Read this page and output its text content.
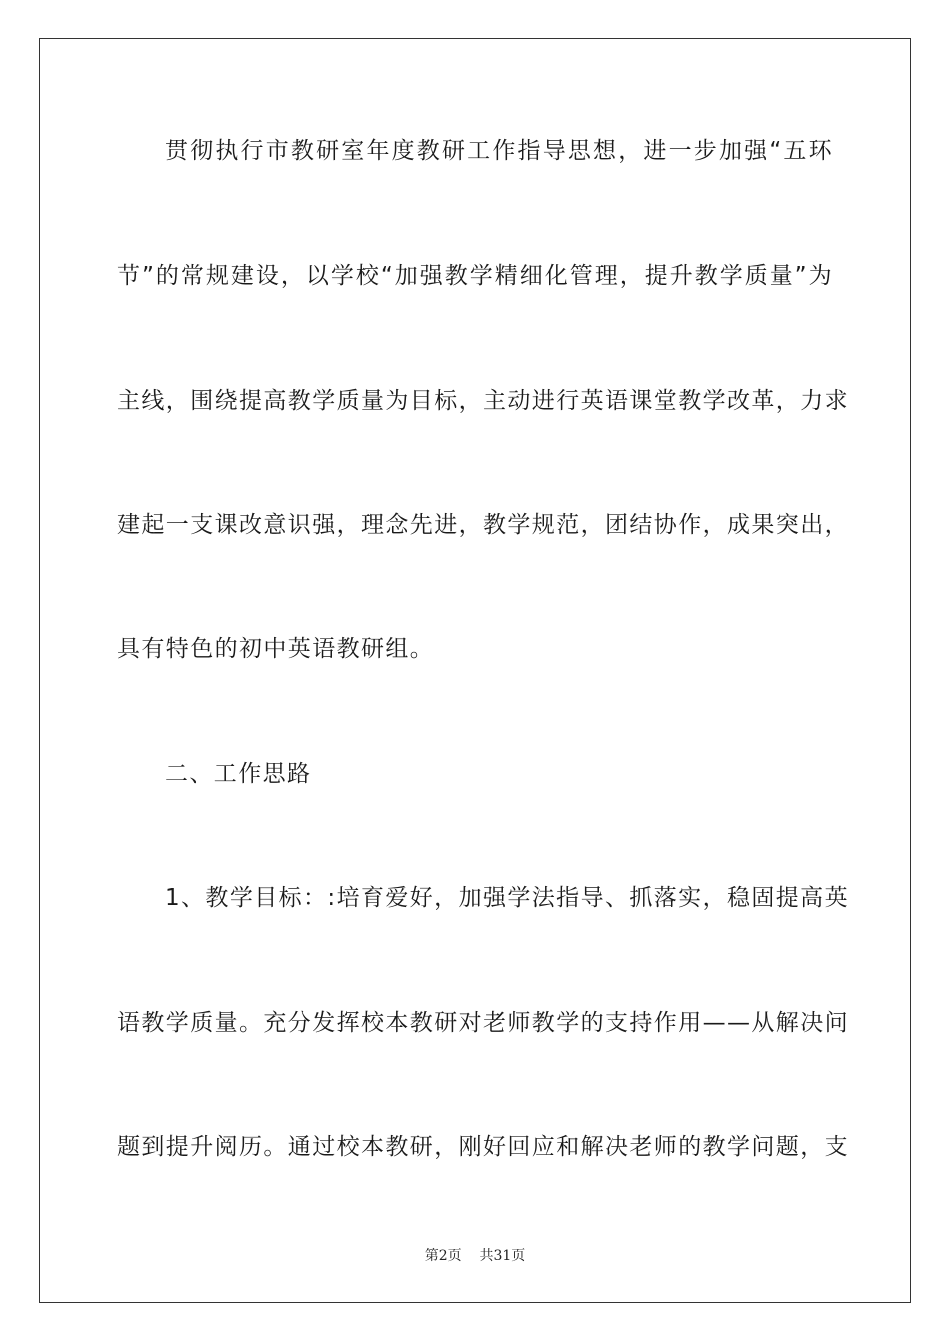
贯彻执行市教研室年度教研工作指导思想，进一步加强“五环
节”的常规建设，以学校“加强教学精细化管理，提升教学质量”为
主线，围绕提高教学质量为目标，主动进行英语课堂教学改革，力求
建起一支课改意识强，理念先进，教学规范，团结协作，成果突出，
具有特色的初中英语教研组。
二、工作思路
1、教学目标：:培育爱好，加强学法指导、抓落实，稳固提高英
语教学质量。充分发挥校本教研对老师教学的支持作用——从解决问
题到提升阅历。通过校本教研，刚好回应和解决老师的教学问题，支
第2页    共31页
